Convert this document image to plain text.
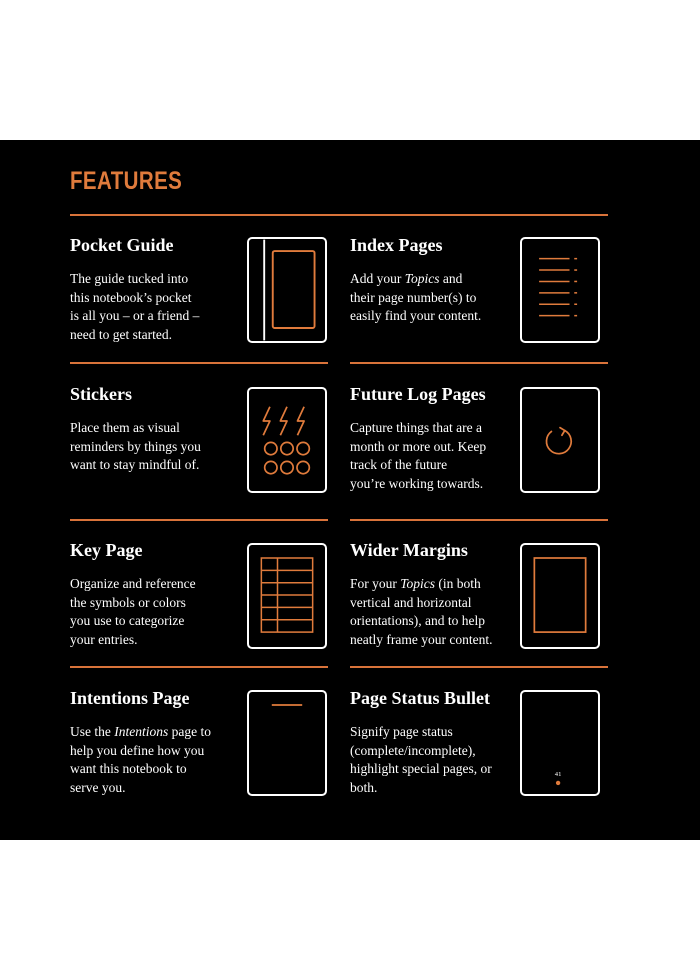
FEATURES
Pocket Guide

The guide tucked into
this notebook’s pocket
is all you – or a friend –
need to get started.

Index Pages

Add your Topics and
their page number(s) to
easily find your content.

Stickers

Place them as visual
reminders by things you
want to stay mindful of.

Future Log Pages

Capture things that are a
month or more out. Keep
track of the future
you’re working towards.

Key Page

Organize and reference
the symbols or colors
you use to categorize
your entries.

Wider Margins

For your Topics (in both
vertical and horizontal
orientations), and to help
neatly frame your content.

Intentions Page

Use the Intentions page to
help you define how you
want this notebook to
serve you.

Page Status Bullet

Signify page status
(complete/incomplete),
highlight special pages, or
both.

41
